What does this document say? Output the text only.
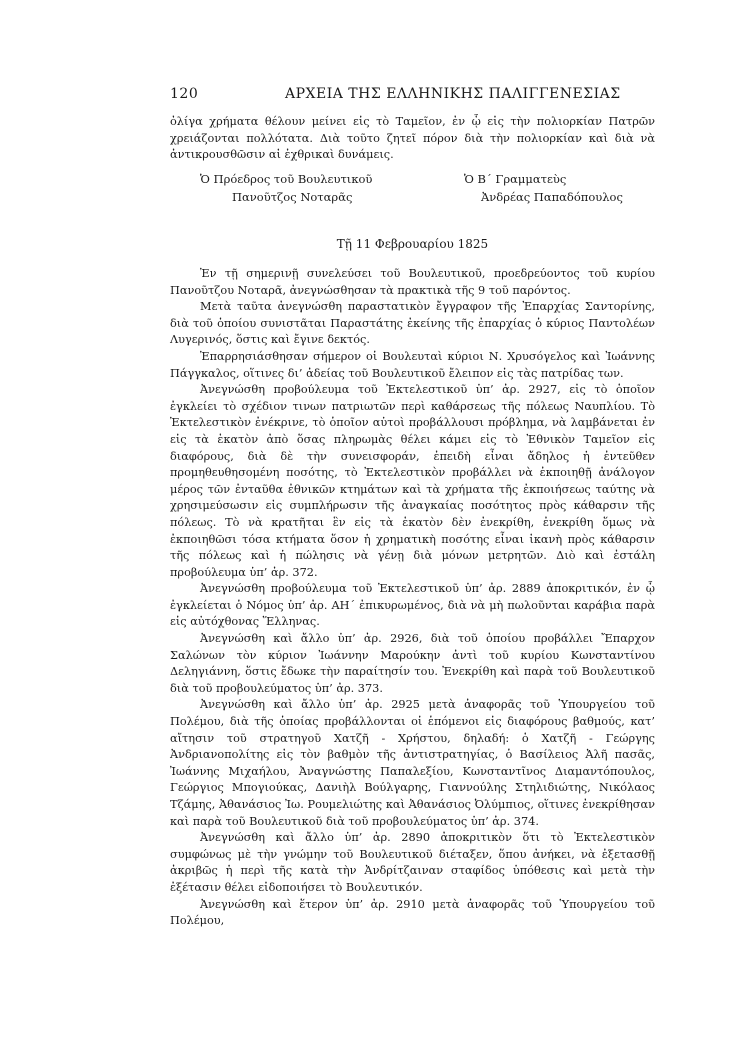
120	ΑΡΧΕΙΑ ΤΗΣ ΕΛΛΗΝΙΚΗΣ ΠΑΛΙΓΓΕΝΕΣΙΑΣ

ὀλίγα χρήματα θέλουν μείνει εἰς τὸ Ταμεῖον, ἐν ᾧ εἰς τὴν πολιορκίαν Πατρῶν χρειάζονται πολλότατα. Διὰ τοῦτο ζητεῖ πόρον διὰ τὴν πολιορκίαν καὶ διὰ νὰ ἀντικρουσθῶσιν αἱ ἐχθρικαὶ δυνάμεις.

Ὁ Πρόεδρος τοῦ Βουλευτικοῦ
Πανοῦτζος Νοταρᾶς
Ὁ Β΄ Γραμματεὺς
Ἀνδρέας Παπαδόπουλος
Τῇ 11 Φεβρουαρίου 1825

Ἐν τῇ σημερινῇ συνελεύσει τοῦ Βουλευτικοῦ, προεδρεύοντος τοῦ κυρίου Πανοῦτζου Νοταρᾶ, ἀνεγνώσθησαν τὰ πρακτικὰ τῆς 9 τοῦ παρόντος.

Μετὰ ταῦτα ἀνεγνώσθη παραστατικὸν ἔγγραφον τῆς Ἐπαρχίας Σαντορίνης, διὰ τοῦ ὁποίου συνιστᾶται Παραστάτης ἐκείνης τῆς ἐπαρχίας ὁ κύριος Παντολέων Λυγερινός, ὅστις καὶ ἔγινε δεκτός.

Ἐπαρρησιάσθησαν σήμερον οἱ Βουλευταὶ κύριοι Ν. Χρυσόγελος καὶ Ἰωάννης Πάγγκαλος, οἵτινες δι’ ἀδείας τοῦ Βουλευτικοῦ ἔλειπον εἰς τὰς πατρίδας των.

Ἀνεγνώσθη προβούλευμα τοῦ Ἐκτελεστικοῦ ὑπ’ ἀρ. 2927, εἰς τὸ ὁποῖον ἐγκλείει τὸ σχέδιον τινων πατριωτῶν περὶ καθάρσεως τῆς πόλεως Ναυπλίου. Τὸ Ἐκτελεστικὸν ἐνέκρινε, τὸ ὁποῖον αὐτοὶ προβάλλουσι πρόβλημα, νὰ λαμβάνεται ἐν εἰς τὰ ἑκατὸν ἀπὸ ὅσας πληρωμὰς θέλει κάμει εἰς τὸ Ἐθνικὸν Ταμεῖον εἰς διαφόρους, διὰ δὲ τὴν συνεισφοράν, ἐπειδὴ εἶναι ἄδηλος ἡ ἐντεῦθεν προμηθευθησομένη ποσότης, τὸ Ἐκτελεστικὸν προβάλλει νὰ ἐκποιηθῇ ἀνάλογον μέρος τῶν ἐνταῦθα ἐθνικῶν κτημάτων καὶ τὰ χρήματα τῆς ἐκποιήσεως ταύτης νὰ χρησιμεύσωσιν εἰς συμπλήρωσιν τῆς ἀναγκαίας ποσότητος πρὸς κάθαρσιν τῆς πόλεως. Τὸ νὰ κρατῆται ἓν εἰς τὰ ἑκατὸν δὲν ἐνεκρίθη, ἐνεκρίθη ὅμως νὰ ἐκποιηθῶσι τόσα κτήματα ὅσον ἡ χρηματικὴ ποσότης εἶναι ἱκανὴ πρὸς κάθαρσιν τῆς πόλεως καὶ ἡ πώλησις νὰ γένῃ διὰ μόνων μετρητῶν. Διὸ καὶ ἐστάλη προβούλευμα ὑπ’ ἀρ. 372.

Ἀνεγνώσθη προβούλευμα τοῦ Ἐκτελεστικοῦ ὑπ’ ἀρ. 2889 ἀποκριτικόν, ἐν ᾧ ἐγκλείεται ὁ Νόμος ὑπ’ ἀρ. ΑΗ΄ ἐπικυρωμένος, διὰ νὰ μὴ πωλοῦνται καράβια παρὰ εἰς αὐτόχθονας Ἕλληνας.

Ἀνεγνώσθη καὶ ἄλλο ὑπ’ ἀρ. 2926, διὰ τοῦ ὁποίου προβάλλει Ἔπαρχον Σαλώνων τὸν κύριον Ἰωάννην Μαρούκην ἀντὶ τοῦ κυρίου Κωνσταντίνου Δεληγιάννη, ὅστις ἔδωκε τὴν παραίτησίν του. Ἐνεκρίθη καὶ παρὰ τοῦ Βουλευτικοῦ διὰ τοῦ προβουλεύματος ὑπ’ ἀρ. 373.

Ἀνεγνώσθη καὶ ἄλλο ὑπ’ ἀρ. 2925 μετὰ ἀναφορᾶς τοῦ Ὑπουργείου τοῦ Πολέμου, διὰ τῆς ὁποίας προβάλλονται οἱ ἑπόμενοι εἰς διαφόρους βαθμούς, κατ’ αἴτησιν τοῦ στρατηγοῦ Χατζῆ - Χρήστου, δηλαδή: ὁ Χατζῆ - Γεώργης Ἀνδριανοπολίτης εἰς τὸν βαθμὸν τῆς ἀντιστρατηγίας, ὁ Βασίλειος Ἀλῆ πασᾶς, Ἰωάννης Μιχαήλου, Ἀναγνώστης Παπαλεξίου, Κωνσταντῖνος Διαμαντόπουλος, Γεώργιος Μπογιούκας, Δανιὴλ Βούλγαρης, Γιαννούλης Στηλιδιώτης, Νικόλαος Τζάμης, Ἀθανάσιος Ἰω. Ρουμελιώτης καὶ Ἀθανάσιος Ὀλύμπιος, οἵτινες ἐνεκρίθησαν καὶ παρὰ τοῦ Βουλευτικοῦ διὰ τοῦ προβουλεύματος ὑπ’ ἀρ. 374.

Ἀνεγνώσθη καὶ ἄλλο ὑπ’ ἀρ. 2890 ἀποκριτικὸν ὅτι τὸ Ἐκτελεστικὸν συμφώνως μὲ τὴν γνώμην τοῦ Βουλευτικοῦ διέταξεν, ὅπου ἀνήκει, νὰ ἐξετασθῇ ἀκριβῶς ἡ περὶ τῆς κατὰ τὴν Ἀνδρίτζαιναν σταφίδος ὑπόθεσις καὶ μετὰ τὴν ἐξέτασιν θέλει εἰδοποιήσει τὸ Βουλευτικόν.

Ἀνεγνώσθη καὶ ἕτερον ὑπ’ ἀρ. 2910 μετὰ ἀναφορᾶς τοῦ Ὑπουργείου τοῦ Πολέμου,
